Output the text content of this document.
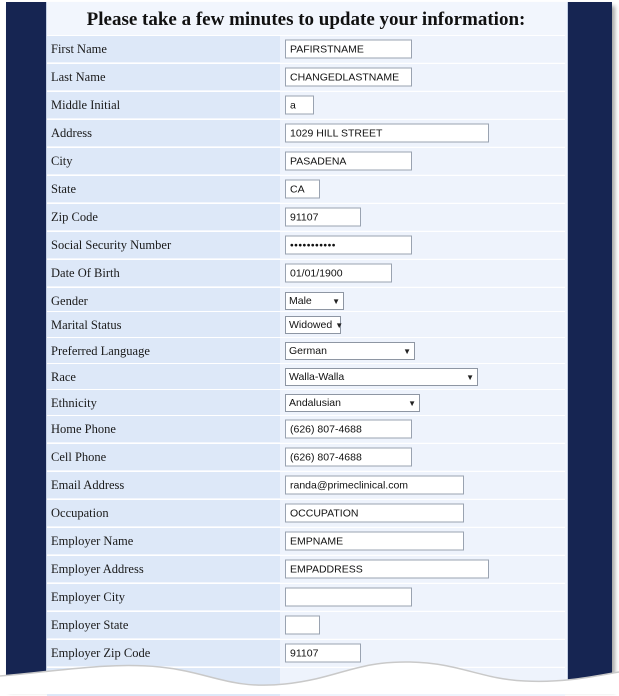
Please take a few minutes to update your information:
First Name	PAFIRSTNAME
Last Name	CHANGEDLASTNAME
Middle Initial	a
Address	1029 HILL STREET
City	PASADENA
State	CA
Zip Code	91107
Social Security Number	•••••••••••
Date Of Birth	01/01/1900
Gender	Male	▼
Marital Status	Widowed ▼
Preferred Language	German	▼
Race	Walla-Walla	▼
Ethnicity	Andalusian	▼
Home Phone	(626) 807-4688
Cell Phone	(626) 807-4688
Email Address	randa@primeclinical.com
Occupation	OCCUPATION
Employer Name	EMPNAME
Employer Address	EMPADDRESS
Employer City
Employer State
Employer Zip Code	91107
